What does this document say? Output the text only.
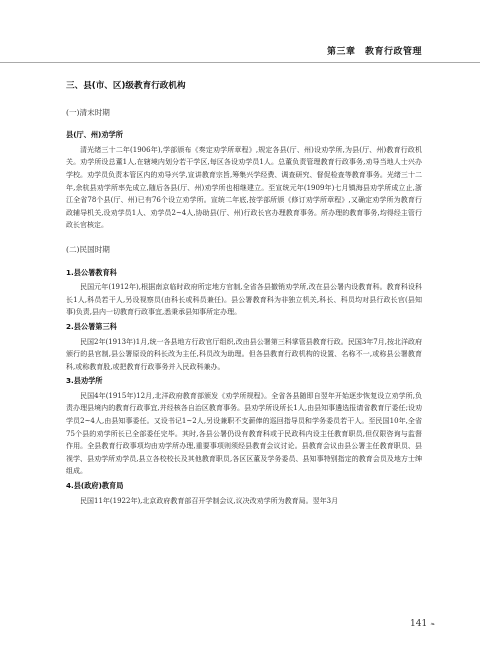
第三章　教育行政管理
三、县(市、区)级教育行政机构
(一)清末时期
县(厅、州)劝学所

清光绪三十二年(1906年),学部颁布《奏定劝学所章程》,规定各县(厅、州)设劝学所,为县(厅、州)教育行政机关。劝学所设总董1人,在辖境内划分若干学区,每区各设劝学员1人。总董负责管理教育行政事务,劝导当地人士兴办学校。劝学员负责本管区内的劝导兴学,宣讲教育宗旨,筹集兴学经费、调查研究、督促检查等教育事务。光绪三十二年,余杭县劝学所率先成立,随后各县(厅、州)劝学所也相继建立。至宣统元年(1909年)七月镇海县劝学所成立止,浙江全省78个县(厅、州)已有76个设立劝学所。宣统二年底,按学部所颁《修订劝学所章程》,又确定劝学所为教育行政辅导机关,设劝学员1人、劝学员2~4人,协助县(厅、州)行政长官办理教育事务。所办理的教育事务,均得经主管行政长官核定。

(二)民国时期
1.县公署教育科

民国元年(1912年),根据南京临时政府所定地方官制,全省各县撤销劝学所,改在县公署内设教育科。教育科设科长1人,科员若干人,另设视察员(由科长或科员兼任)。县公署教育科为非独立机关,科长、科员均对县行政长官(县知事)负责,县内一切教育行政事宜,悉秉承县知事所定办理。

2.县公署第三科

民国2年(1913年)1月,统一各县地方行政官厅组织,改由县公署第三科掌管县教育行政。民国3年7月,按北洋政府颁行的县官制,县公署原设的科长改为主任,科员改为助理。但各县教育行政机构的设置、名称不一,或称县公署教育科,或称教育股,或把教育行政事务并入民政科兼办。

3.县劝学所

民国4年(1915年)12月,北洋政府教育部颁发《劝学所规程》。全省各县随即自翌年开始逐步恢复设立劝学所,负责办理县境内的教育行政事宜,并经核各自治区教育事务。县劝学所设所长1人,由县知事遴选报请省教育厅委任;设劝学员2~4人,由县知事委任。又设书记1~2人,另设兼职不支薪俸的巡回指导员和学务委员若干人。至民国10年,全省75个县的劝学所长已全部委任完毕。其时,各县公署仍设有教育科或于民政科内设主任教育职员,但仅限咨询与监督作用。全县教育行政事项均由劝学所办理,重要事项则须经县教育会议讨论。县教育会议由县公署主任教育职员、县视学、县劝学所劝学员,县立各校校长及其他教育职员,各区区董及学务委员、县知事特别指定的教育会员及地方士绅组成。

4.县(政府)教育局

民国11年(1922年),北京政府教育部召开学制会议,议决改劝学所为教育局。翌年3月

141 ❧
